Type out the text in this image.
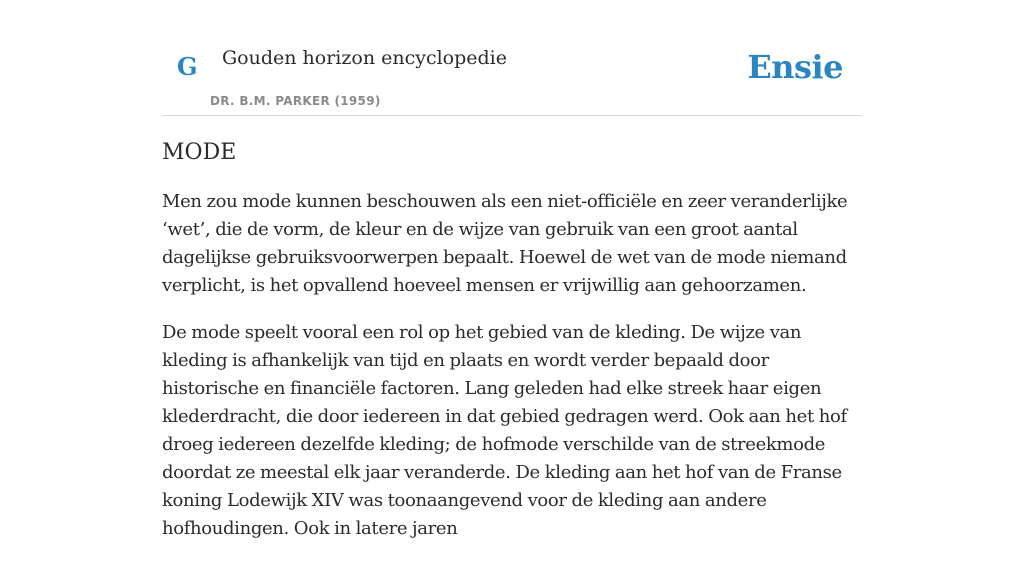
G Gouden horizon encyclopedie
DR. B.M. PARKER (1959)
Ensie
MODE

Men zou mode kunnen beschouwen als een niet-officiële en zeer veranderlijke ‘wet’, die de vorm, de kleur en de wijze van gebruik van een groot aantal dagelijkse gebruiksvoorwerpen bepaalt. Hoewel de wet van de mode niemand verplicht, is het opvallend hoeveel mensen er vrijwillig aan gehoorzamen.

De mode speelt vooral een rol op het gebied van de kleding. De wijze van kleding is afhankelijk van tijd en plaats en wordt verder bepaald door historische en financiële factoren. Lang geleden had elke streek haar eigen klederdracht, die door iedereen in dat gebied gedragen werd. Ook aan het hof droeg iedereen dezelfde kleding; de hofmode verschilde van de streekmode doordat ze meestal elk jaar veranderde. De kleding aan het hof van de Franse koning Lodewijk XIV was toonaangevend voor de kleding aan andere hofhoudingen. Ook in latere jaren
